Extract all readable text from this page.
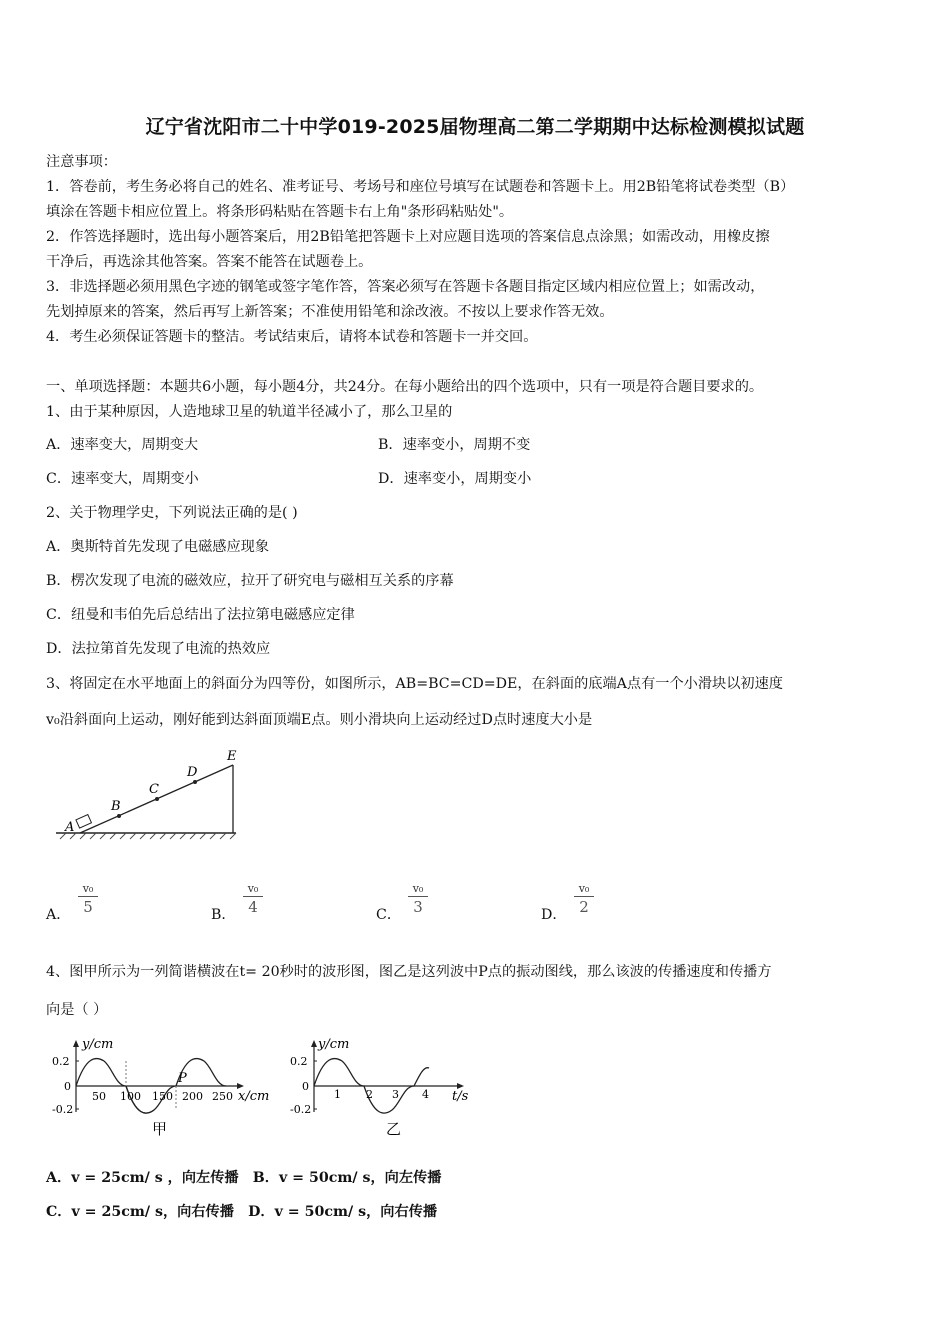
辽宁省沈阳市二十中学019-2025届物理高二第二学期期中达标检测模拟试题
注意事项：
1．答卷前，考生务必将自己的姓名、准考证号、考场号和座位号填写在试题卷和答题卡上。用2B铅笔将试卷类型（B）
填涂在答题卡相应位置上。将条形码粘贴在答题卡右上角"条形码粘贴处"。
2．作答选择题时，选出每小题答案后，用2B铅笔把答题卡上对应题目选项的答案信息点涂黑；如需改动，用橡皮擦
干净后，再选涂其他答案。答案不能答在试题卷上。
3．非选择题必须用黑色字迹的钢笔或签字笔作答，答案必须写在答题卡各题目指定区域内相应位置上；如需改动，
先划掉原来的答案，然后再写上新答案；不准使用铅笔和涂改液。不按以上要求作答无效。
4．考生必须保证答题卡的整洁。考试结束后，请将本试卷和答题卡一并交回。
一、单项选择题：本题共6小题，每小题4分，共24分。在每小题给出的四个选项中，只有一项是符合题目要求的。
1、由于某种原因，人造地球卫星的轨道半径减小了，那么卫星的
A．速率变大，周期变大	B．速率变小，周期不变
C．速率变大，周期变小	D．速率变小，周期变小
2、关于物理学史，下列说法正确的是( )
A．奥斯特首先发现了电磁感应现象
B．楞次发现了电流的磁效应，拉开了研究电与磁相互关系的序幕
C．纽曼和韦伯先后总结出了法拉第电磁感应定律
D．法拉第首先发现了电流的热效应
3、将固定在水平地面上的斜面分为四等份，如图所示，AB=BC=CD=DE，在斜面的底端A点有一个小滑块以初速度
v₀沿斜面向上运动，刚好能到达斜面顶端E点。则小滑块向上运动经过D点时速度大小是
A
B
C
D
E
A．
v₀
5	B．
v₀
4	C．
v₀
3	D．
v₀
2
4、图甲所示为一列简谐横波在t= 20秒时的波形图，图乙是这列波中P点的振动图线，那么该波的传播速度和传播方
向是（ ）
y/cm
0.2
0
-0.2
50 100 150 200 250 x/cm
P
甲
y/cm
0.2
0
-0.2
1 2 3 4 t/s
乙
A．v = 25cm/ s ，向左传播　B．v = 50cm/ s，向左传播
C．v = 25cm/ s，向右传播　D．v = 50cm/ s，向右传播
